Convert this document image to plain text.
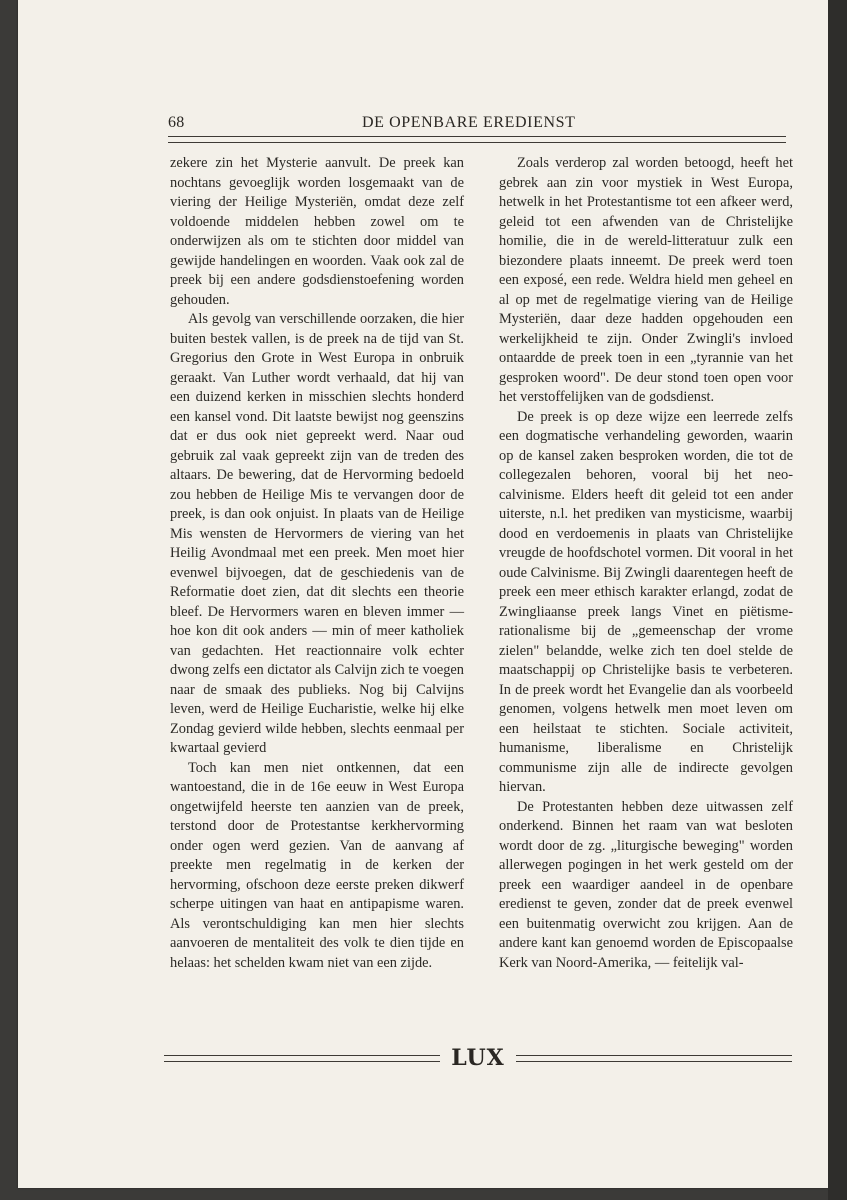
68	DE OPENBARE EREDIENST

zekere zin het Mysterie aanvult. De preek kan nochtans gevoeglijk worden losgemaakt van de viering der Heilige Mysteriën, omdat deze zelf voldoende middelen hebben zowel om te onderwijzen als om te stichten door middel van gewijde handelingen en woorden. Vaak ook zal de preek bij een andere godsdienstoefening worden gehouden.

Als gevolg van verschillende oorzaken, die hier buiten bestek vallen, is de preek na de tijd van St. Gregorius den Grote in West Europa in onbruik geraakt. Van Luther wordt verhaald, dat hij van een duizend kerken in misschien slechts honderd een kansel vond. Dit laatste bewijst nog geenszins dat er dus ook niet gepreekt werd. Naar oud gebruik zal vaak gepreekt zijn van de treden des altaars. De bewering, dat de Hervorming bedoeld zou hebben de Heilige Mis te vervangen door de preek, is dan ook onjuist. In plaats van de Heilige Mis wensten de Hervormers de viering van het Heilig Avondmaal met een preek. Men moet hier evenwel bijvoegen, dat de geschiedenis van de Reformatie doet zien, dat dit slechts een theorie bleef. De Hervormers waren en bleven immer — hoe kon dit ook anders — min of meer katholiek van gedachten. Het reactionnaire volk echter dwong zelfs een dictator als Calvijn zich te voegen naar de smaak des publieks. Nog bij Calvijns leven, werd de Heilige Eucharistie, welke hij elke Zondag gevierd wilde hebben, slechts eenmaal per kwartaal gevierd

Toch kan men niet ontkennen, dat een wantoestand, die in de 16e eeuw in West Europa ongetwijfeld heerste ten aanzien van de preek, terstond door de Protestantse kerkhervorming onder ogen werd gezien. Van de aanvang af preekte men regelmatig in de kerken der hervorming, ofschoon deze eerste preken dikwerf scherpe uitingen van haat en antipapisme waren. Als verontschuldiging kan men hier slechts aanvoeren de mentaliteit des volk te dien tijde en helaas: het schelden kwam niet van een zijde.

Zoals verderop zal worden betoogd, heeft het gebrek aan zin voor mystiek in West Europa, hetwelk in het Protestantisme tot een afkeer werd, geleid tot een afwenden van de Christelijke homilie, die in de wereld-litteratuur zulk een biezondere plaats inneemt. De preek werd toen een exposé, een rede. Weldra hield men geheel en al op met de regelmatige viering van de Heilige Mysteriën, daar deze hadden opgehouden een werkelijkheid te zijn. Onder Zwingli's invloed ontaardde de preek toen in een „tyrannie van het gesproken woord". De deur stond toen open voor het verstoffelijken van de godsdienst.

De preek is op deze wijze een leerrede zelfs een dogmatische verhandeling geworden, waarin op de kansel zaken besproken worden, die tot de collegezalen behoren, vooral bij het neo-calvinisme. Elders heeft dit geleid tot een ander uiterste, n.l. het prediken van mysticisme, waarbij dood en verdoemenis in plaats van Christelijke vreugde de hoofdschotel vormen. Dit vooral in het oude Calvinisme. Bij Zwingli daarentegen heeft de preek een meer ethisch karakter erlangd, zodat de Zwingliaanse preek langs Vinet en piëtisme-rationalisme bij de „gemeenschap der vrome zielen" belandde, welke zich ten doel stelde de maatschappij op Christelijke basis te verbeteren. In de preek wordt het Evangelie dan als voorbeeld genomen, volgens hetwelk men moet leven om een heilstaat te stichten. Sociale activiteit, humanisme, liberalisme en Christelijk communisme zijn alle de indirecte gevolgen hiervan.

De Protestanten hebben deze uitwassen zelf onderkend. Binnen het raam van wat besloten wordt door de zg. „liturgische beweging" worden allerwegen pogingen in het werk gesteld om der preek een waardiger aandeel in de openbare eredienst te geven, zonder dat de preek evenwel een buitenmatig overwicht zou krijgen. Aan de andere kant kan genoemd worden de Episcopaalse Kerk van Noord-Amerika, — feitelijk val-

LUX
